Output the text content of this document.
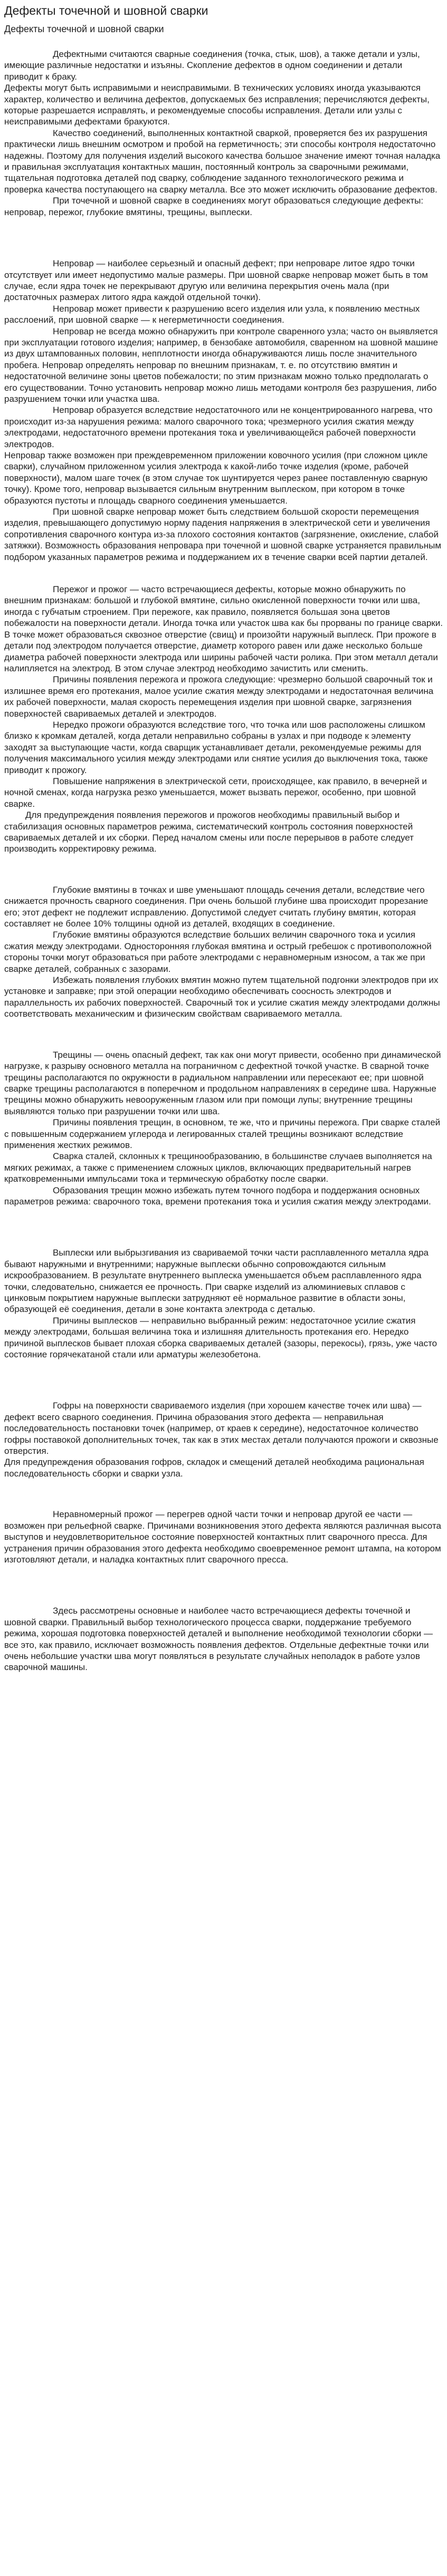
Дефекты точечной и шовной сварки
Дефекты точечной и шовной сварки
Дефектными считаются сварные соединения (точка, стык, шов), а также детали и узлы, имеющие различные недостатки и изъяны. Скопление дефектов в одном соединении и детали приводит к браку.
Дефекты могут быть исправимыми и неисправимыми. В технических условиях иногда указываются характер, количество и величина дефектов, допускаемых без исправления; перечисляются дефекты, которые разрешается исправлять, и рекомендуемые способы исправления. Детали или узлы с неисправимыми дефектами бракуются.
Качество соединений, выполненных контактной сваркой, проверяется без их разрушения практически лишь внешним осмотром и пробой на герметичность; эти способы контроля недостаточно надежны. Поэтому для получения изделий высокого качества большое значение имеют точная наладка и правильная эксплуатация контактных машин, постоянный контроль за сварочными режимами, тщательная подготовка деталей под сварку, соблюдение заданного технологического режима и проверка качества поступающего на сварку металла. Все это может исключить образование дефектов.
При точечной и шовной сварке в соединениях могут образоваться следующие дефекты: непровар, пережог, глубокие вмятины, трещины, выплески.
Непровар — наиболее серьезный и опасный дефект; при непроваре литое ядро точки отсутствует или имеет недопустимо малые размеры. При шовной сварке непровар может быть в том случае, если ядра точек не перекрывают другую или величина перекрытия очень мала (при достаточных размерах литого ядра каждой отдельной точки).
Непровар может привести к разрушению всего изделия или узла, к появлению местных расслоений, при шовной сварке — к негерметичности соединения.
Непровар не всегда можно обнаружить при контроле сваренного узла; часто он выявляется при эксплуатации готового изделия; например, в бензобаке автомобиля, сваренном на шовной машине из двух штампованных половин, непплотности иногда обнаруживаются лишь после значительного пробега. Непровар определять непровар по внешним признакам, т. е. по отсутствию вмятин и недостаточной величине зоны цветов побежалости; по этим признакам можно только предполагать о его существовании. Точно установить непровар можно лишь методами контроля без разрушения, либо разрушением точки или участка шва.
Непровар образуется вследствие недостаточного или не концентрированного нагрева, что происходит из-за нарушения режима: малого сварочного тока; чрезмерного усилия сжатия между электродами, недостаточного времени протекания тока и увеличивающейся рабочей поверхности электродов.
Непровар также возможен при преждевременном приложении ковочного усилия (при сложном цикле сварки), случайном приложенном усилия электрода к какой-либо точке изделия (кроме, рабочей поверхности), малом шаге точек (в этом случае ток шунтируется через ранее поставленную сварную точку). Кроме того, непровар вызывается сильным внутренним выплеском, при котором в точке образуются пустоты и площадь сварного соединения уменьшается.
При шовной сварке непровар может быть следствием большой скорости перемещения изделия, превышающего допустимую норму падения напряжения в электрической сети и увеличения сопротивления сварочного контура из-за плохого состояния контактов (загрязнение, окисление, слабой затяжки). Возможность образования непровара при точечной и шовной сварке устраняется правильным подбором указанных параметров режима и поддержанием их в течение сварки всей партии деталей.
Пережог и прожог — часто встречающиеся дефекты, которые можно обнаружить по внешним признакам: большой и глубокой вмятине, сильно окисленной поверхности точки или шва, иногда с губчатым строением. При пережоге, как правило, появляется большая зона цветов побежалости на поверхности детали. Иногда точка или участок шва как бы прорваны по границе сварки. В точке может образоваться сквозное отверстие (свищ) и произойти наружный выплеск. При прожоге в детали под электродом получается отверстие, диаметр которого равен или даже несколько больше диаметра рабочей поверхности электрода или ширины рабочей части ролика. При этом металл детали налипляется на электрод. В этом случае электрод необходимо зачистить или сменить.
Причины появления пережога и прожога следующие: чрезмерно большой сварочный ток и излишнее время его протекания, малое усилие сжатия между электродами и недостаточная величина их рабочей поверхности, малая скорость перемещения изделия при шовной сварке, загрязнения поверхностей свариваемых деталей и электродов.
Нередко прожоги образуются вследствие того, что точка или шов расположены слишком близко к кромкам деталей, когда детали неправильно собраны в узлах и при подводе к элементу заходят за выступающие части, когда сварщик устанавливает детали, рекомендуемые режимы для получения максимального усилия между электродами или снятие усилия до выключения тока, также приводит к прожогу.
Повышение напряжения в электрической сети, происходящее, как правило, в вечерней и ночной сменах, когда нагрузка резко уменьшается, может вызвать пережог, особенно, при шовной сварке.
Для предупреждения появления пережогов и прожогов необходимы правильный выбор и стабилизация основных параметров режима, систематический контроль состояния поверхностей свариваемых деталей и их сборки. Перед началом смены или после перерывов в работе следует производить корректировку режима.
Глубокие вмятины в точках и шве уменьшают площадь сечения детали, вследствие чего снижается прочность сварного соединения. При очень большой глубине шва происходит прорезание его; этот дефект не подлежит исправлению. Допустимой следует считать глубину вмятин, которая составляет не более 10% толщины одной из деталей, входящих в соединение.
Глубокие вмятины образуются вследствие больших величин сварочного тока и усилия сжатия между электродами. Односторонняя глубокая вмятина и острый гребешок с противоположной стороны точки могут образоваться при работе электродами с неравномерным износом, а так же при сварке деталей, собранных с зазорами.
Избежать появления глубоких вмятин можно путем тщательной подгонки электродов при их установке и заправке; при этой операции необходимо обеспечивать соосность электродов и параллельность их рабочих поверхностей. Сварочный ток и усилие сжатия между электродами должны соответствовать механическим и физическим свойствам свариваемого металла.
Трещины — очень опасный дефект, так как они могут привести, особенно при динамической нагрузке, к разрыву основного металла на пограничном с дефектной точкой участке. В сварной точке трещины располагаются по окружности в радиальном направлении или пересекают ее; при шовной сварке трещины располагаются в поперечном и продольном направлениях в середине шва. Наружные трещины можно обнаружить невооруженным глазом или при помощи лупы; внутренние трещины выявляются только при разрушении точки или шва.
Причины появления трещин, в основном, те же, что и причины пережога. При сварке сталей с повышенным содержанием углерода и легированных сталей трещины возникают вследствие применения жестких режимов.
Сварка сталей, склонных к трещинообразованию, в большинстве случаев выполняется на мягких режимах, а также с применением сложных циклов, включающих предварительный нагрев кратковременными импульсами тока и термическую обработку после сварки.
Образования трещин можно избежать путем точного подбора и поддержания основных параметров режима: сварочного тока, времени протекания тока и усилия сжатия между электродами.
Выплески или выбрызгивания из свариваемой точки части расплавленного металла ядра бывают наружными и внутренними; наружные выплески обычно сопровождаются сильным искрообразованием. В результате внутреннего выплеска уменьшается объем расплавленного ядра точки, следовательно, снижается ее прочность. При сварке изделий из алюминиевых сплавов с цинковым покрытием наружные выплески затрудняют её нормальное развитие в области зоны, образующей её соединения, детали в зоне контакта электрода с деталью.
Причины выплесков — неправильно выбранный режим: недостаточное усилие сжатия между электродами, большая величина тока и излишняя длительность протекания его. Нередко причиной выплесков бывает плохая сборка свариваемых деталей (зазоры, перекосы), грязь, уже часто состояние горячекатаной стали или арматуры железобетона.
Гофры на поверхности свариваемого изделия (при хорошем качестве точек или шва) — дефект всего сварного соединения. Причина образования этого дефекта — неправильная последовательность постановки точек (например, от краев к середине), недостаточное количество гофры поставокой дополнительных точек, так как в этих местах детали получаются прожоги и сквозные отверстия.
Для предупреждения образования гофров, складок и смещений деталей необходима рациональная последовательность сборки и сварки узла.
Неравномерный прожог — перегрев одной части точки и непровар другой ее части — возможен при рельефной сварке. Причинами возникновения этого дефекта являются различная высота выступов и неудовлетворительное состояние поверхностей контактных плит сварочного пресса. Для устранения причин образования этого дефекта необходимо своевременное ремонт штампа, на котором изготовляют детали, и наладка контактных плит сварочного пресса.
Здесь рассмотрены основные и наиболее часто встречающиеся дефекты точечной и шовной сварки. Правильный выбор технологического процесса сварки, поддержание требуемого режима, хорошая подготовка поверхностей деталей и выполнение необходимой технологии сборки — все это, как правило, исключает возможность появления дефектов. Отдельные дефектные точки или очень небольшие участки шва могут появляться в результате случайных неполадок в работе узлов сварочной машины.
